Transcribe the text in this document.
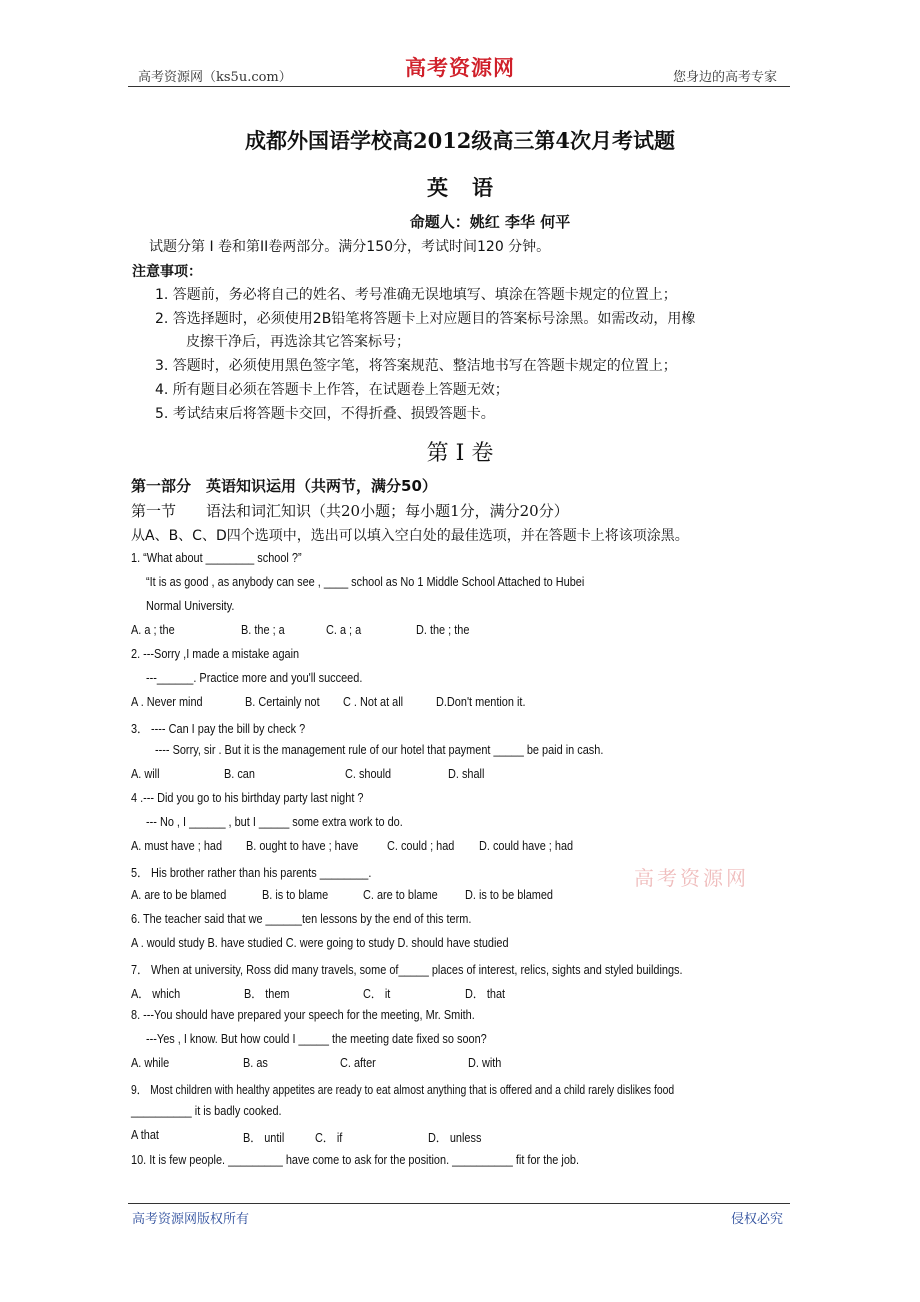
高考资源网（ks5u.com）	高考资源网	您身边的高考专家
成都外国语学校高2012级高三第4次月考试题
英语
命题人：姚红 李华 何平
试题分第 I 卷和第II卷两部分。满分150分，考试时间120 分钟。
注意事项：
1. 答题前，务必将自己的姓名、考号准确无误地填写、填涂在答题卡规定的位置上；
2. 答选择题时，必须使用2B铅笔将答题卡上对应题目的答案标号涂黑。如需改动，用橡
皮擦干净后，再选涂其它答案标号；
3. 答题时，必须使用黑色签字笔，将答案规范、整洁地书写在答题卡规定的位置上；
4. 所有题目必须在答题卡上作答，在试题卷上答题无效；
5. 考试结束后将答题卡交回，不得折叠、损毁答题卡。
第 I 卷
第一部分　英语知识运用（共两节，满分50）
第一节　　语法和词汇知识（共20小题；每小题1分，满分20分）
从A、B、C、D四个选项中，选出可以填入空白处的最佳选项，并在答题卡上将该项涂黑。
1. “What about ________ school ?”
“It is as good , as anybody can see , ____ school as No 1 Middle School Attached to Hubei
Normal University.
A. a ; the	B. the ; a	C. a ; a	D. the ; the
2. ---Sorry ,I made a mistake again
---______. Practice more and you'll succeed.
A . Never mind	B. Certainly not C . Not at all	D.Don't mention it.
3． ---- Can I pay the bill by check ?
---- Sorry, sir . But it is the management rule of our hotel that payment _____ be paid in cash.
A. will	B. can	C. should	D. shall
4 .--- Did you go to his birthday party last night ?
--- No , I ______ , but I _____ some extra work to do.
A. must have ; had B. ought to have ; have C. could ; had D. could have ; had
5． His brother rather than his parents ________.
A. are to be blamed	B. is to blame	C. are to blame D. is to be blamed
高考资源网
6. The teacher said that we ______ten lessons by the end of this term.
A . would study B. have studied C. were going to study D. should have studied
7． When at university, Ross did many travels, some of_____ places of interest, relics, sights and styled buildings.
A． which	B． them	C． it	D． that
8. ---You should have prepared your speech for the meeting, Mr. Smith.
---Yes , I know. But how could I _____ the meeting date fixed so soon?
A. while	B. as	C. after	D. with
9． Most children with healthy appetites are ready to eat almost anything that is offered and a child rarely dislikes food
__________ it is badly cooked.
A that	B． until C． if	D． unless
10. It is few people. _________ have come to ask for the position. __________ fit for the job.
高考资源网版权所有	侵权必究
